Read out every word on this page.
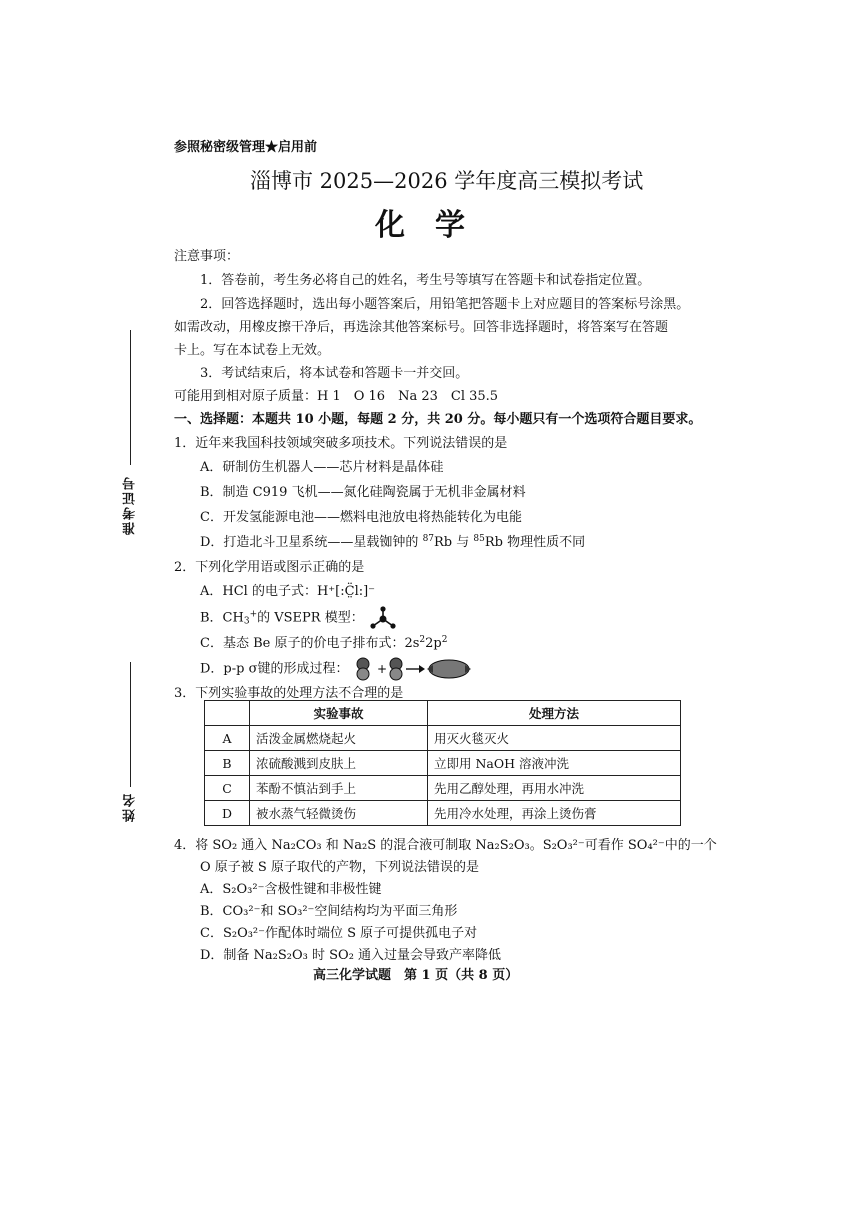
参照秘密级管理★启用前
淄博市 2025—2026 学年度高三模拟考试
化　学
准考证号
姓名
注意事项：
1．答卷前，考生务必将自己的姓名，考生号等填写在答题卡和试卷指定位置。
2．回答选择题时，选出每小题答案后，用铅笔把答题卡上对应题目的答案标号涂黑。
如需改动，用橡皮擦干净后，再选涂其他答案标号。回答非选择题时，将答案写在答题
卡上。写在本试卷上无效。
3．考试结束后，将本试卷和答题卡一并交回。
可能用到相对原子质量：H 1　O 16　Na 23　Cl 35.5
一、选择题：本题共 10 小题，每题 2 分，共 20 分。每小题只有一个选项符合题目要求。
1．近年来我国科技领域突破多项技术。下列说法错误的是
A．研制仿生机器人——芯片材料是晶体硅
B．制造 C919 飞机——氮化硅陶瓷属于无机非金属材料
C．开发氢能源电池——燃料电池放电将热能转化为电能
D．打造北斗卫星系统——星载铷钟的 $^{87}$Rb 与 $^{85}$Rb 物理性质不同
2．下列化学用语或图示正确的是
A．HCl 的电子式：H⁺[:C̤̈l:]⁻
B．$CH_3^+$的 VSEPR 模型：
C．基态 Be 原子的价电子排布式：$2s^22p^2$
D．p-p σ键的形成过程： +
3．下列实验事故的处理方法不合理的是
	实验事故	处理方法
A	活泼金属燃烧起火	用灭火毯灭火
B	浓硫酸溅到皮肤上	立即用 NaOH 溶液冲洗
C	苯酚不慎沾到手上	先用乙醇处理，再用水冲洗
D	被水蒸气轻微烫伤	先用冷水处理，再涂上烫伤膏
4．将 SO₂ 通入 Na₂CO₃ 和 Na₂S 的混合液可制取 Na₂S₂O₃。S₂O₃²⁻可看作 SO₄²⁻中的一个
O 原子被 S 原子取代的产物，下列说法错误的是
A．S₂O₃²⁻含极性键和非极性键
B．CO₃²⁻和 SO₃²⁻空间结构均为平面三角形
C．S₂O₃²⁻作配体时端位 S 原子可提供孤电子对
D．制备 Na₂S₂O₃ 时 SO₂ 通入过量会导致产率降低
高三化学试题　第 1 页（共 8 页）
